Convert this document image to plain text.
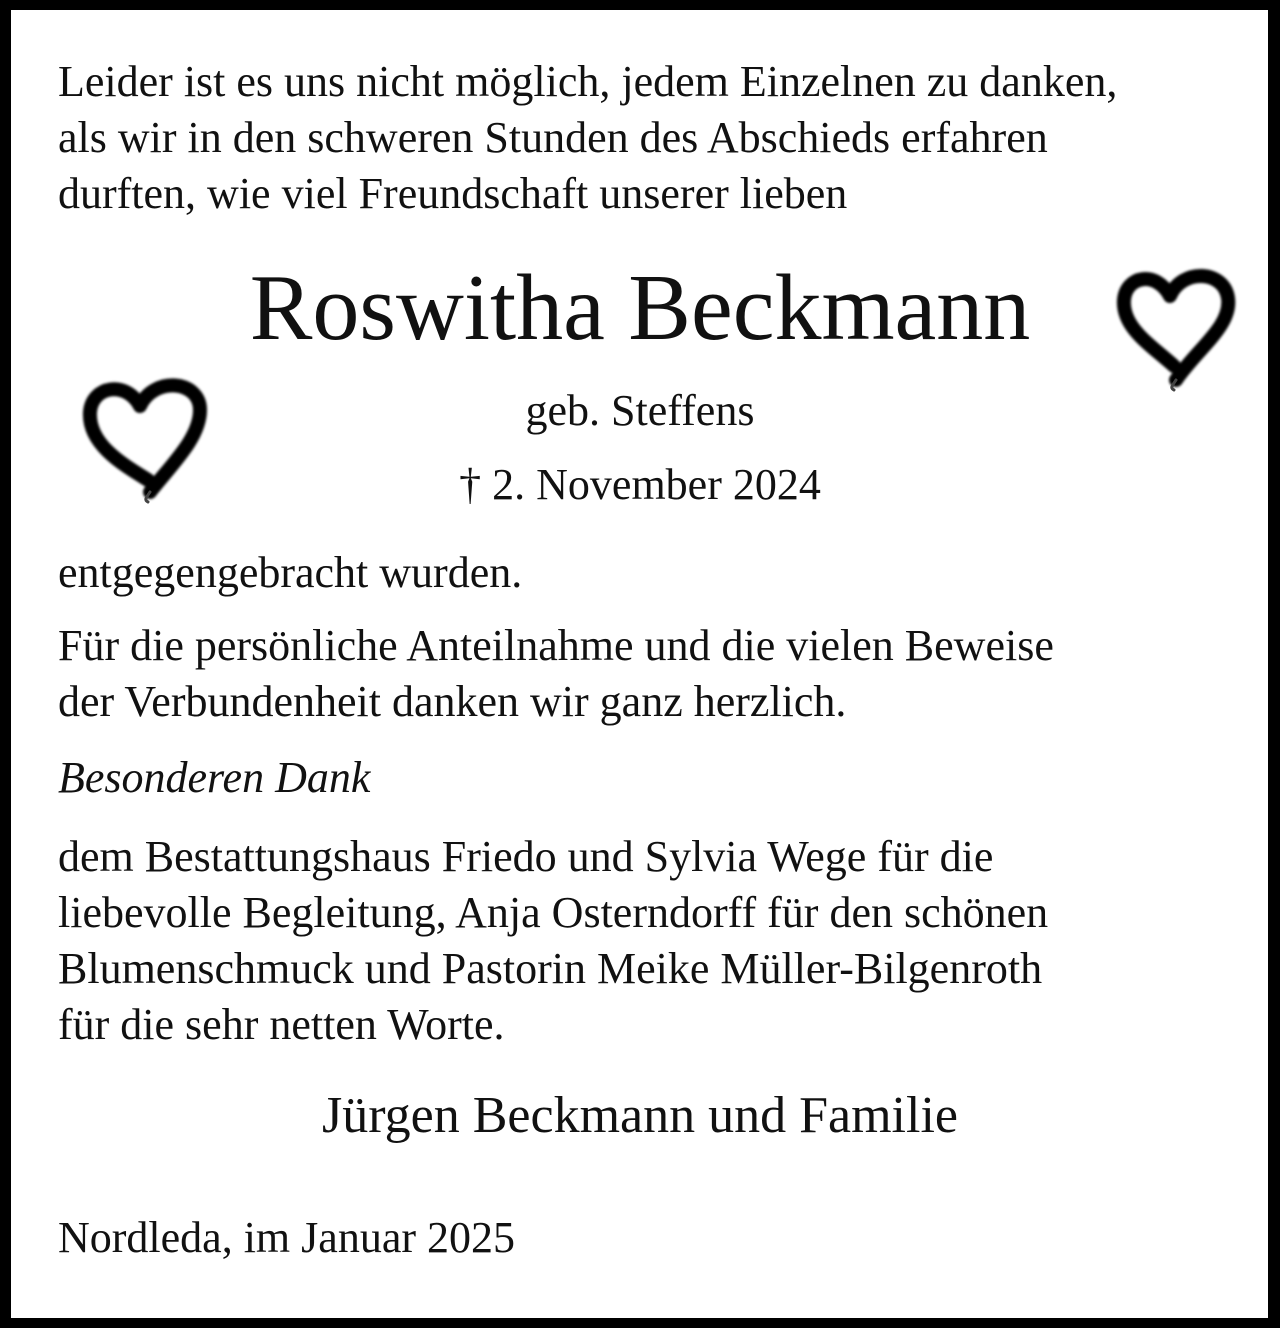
Leider ist es uns nicht möglich, jedem Einzelnen zu danken,
als wir in den schweren Stunden des Abschieds erfahren
durften, wie viel Freundschaft unserer lieben
Roswitha Beckmann
geb. Steffens
† 2. November 2024
entgegengebracht wurden.
Für die persönliche Anteilnahme und die vielen Beweise
der Verbundenheit danken wir ganz herzlich.
Besonderen Dank
dem Bestattungshaus Friedo und Sylvia Wege für die
liebevolle Begleitung, Anja Osterndorff für den schönen
Blumenschmuck und Pastorin Meike Müller-Bilgenroth
für die sehr netten Worte.
Jürgen Beckmann und Familie
Nordleda, im Januar 2025
